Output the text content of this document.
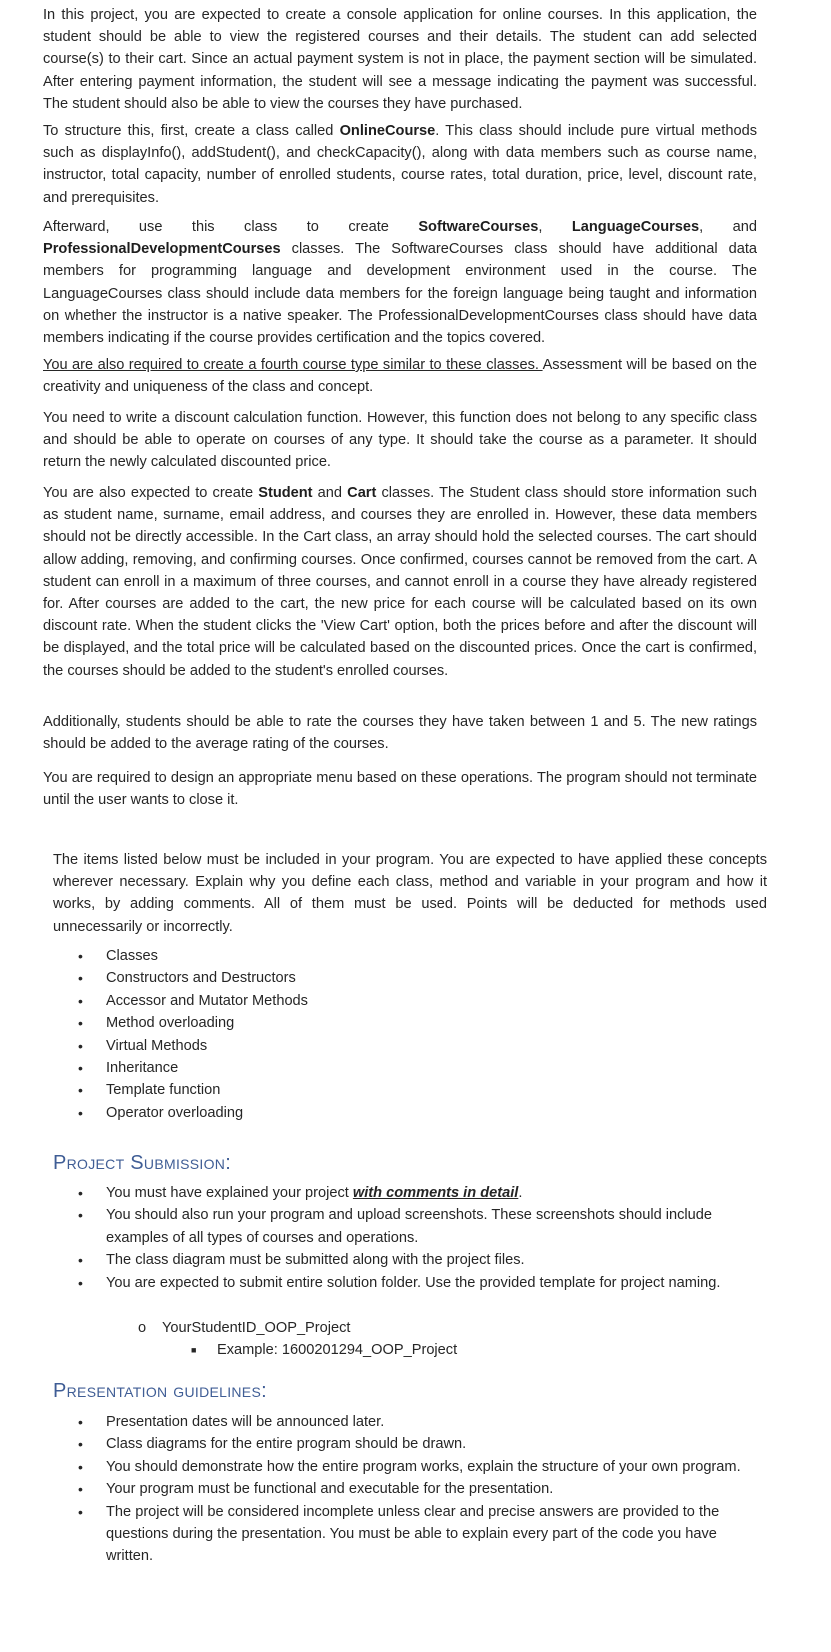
In this project, you are expected to create a console application for online courses. In this application, the student should be able to view the registered courses and their details. The student can add selected course(s) to their cart. Since an actual payment system is not in place, the payment section will be simulated. After entering payment information, the student will see a message indicating the payment was successful. The student should also be able to view the courses they have purchased.

To structure this, first, create a class called OnlineCourse. This class should include pure virtual methods such as displayInfo(), addStudent(), and checkCapacity(), along with data members such as course name, instructor, total capacity, number of enrolled students, course rates, total duration, price, level, discount rate, and prerequisites.

Afterward, use this class to create SoftwareCourses, LanguageCourses, and ProfessionalDevelopmentCourses classes. The SoftwareCourses class should have additional data members for programming language and development environment used in the course. The LanguageCourses class should include data members for the foreign language being taught and information on whether the instructor is a native speaker. The ProfessionalDevelopmentCourses class should have data members indicating if the course provides certification and the topics covered.

You are also required to create a fourth course type similar to these classes. Assessment will be based on the creativity and uniqueness of the class and concept.

You need to write a discount calculation function. However, this function does not belong to any specific class and should be able to operate on courses of any type. It should take the course as a parameter. It should return the newly calculated discounted price.

You are also expected to create Student and Cart classes. The Student class should store information such as student name, surname, email address, and courses they are enrolled in. However, these data members should not be directly accessible. In the Cart class, an array should hold the selected courses. The cart should allow adding, removing, and confirming courses. Once confirmed, courses cannot be removed from the cart. A student can enroll in a maximum of three courses, and cannot enroll in a course they have already registered for. After courses are added to the cart, the new price for each course will be calculated based on its own discount rate. When the student clicks the 'View Cart' option, both the prices before and after the discount will be displayed, and the total price will be calculated based on the discounted prices. Once the cart is confirmed, the courses should be added to the student's enrolled courses.

Additionally, students should be able to rate the courses they have taken between 1 and 5. The new ratings should be added to the average rating of the courses.

You are required to design an appropriate menu based on these operations. The program should not terminate until the user wants to close it.

The items listed below must be included in your program. You are expected to have applied these concepts wherever necessary. Explain why you define each class, method and variable in your program and how it works, by adding comments. All of them must be used. Points will be deducted for methods used unnecessarily or incorrectly.

• Classes
• Constructors and Destructors
• Accessor and Mutator Methods
• Method overloading
• Virtual Methods
• Inheritance
• Template function
• Operator overloading
Project Submission:
• You must have explained your project with comments in detail.
• You should also run your program and upload screenshots. These screenshots should include examples of all types of courses and operations.
• The class diagram must be submitted along with the project files.
• You are expected to submit entire solution folder. Use the provided template for project naming.
o YourStudentID_OOP_Project
■ Example: 1600201294_OOP_Project
Presentation guidelines:
• Presentation dates will be announced later.
• Class diagrams for the entire program should be drawn.
• You should demonstrate how the entire program works, explain the structure of your own program.
• Your program must be functional and executable for the presentation.
• The project will be considered incomplete unless clear and precise answers are provided to the questions during the presentation. You must be able to explain every part of the code you have written.
